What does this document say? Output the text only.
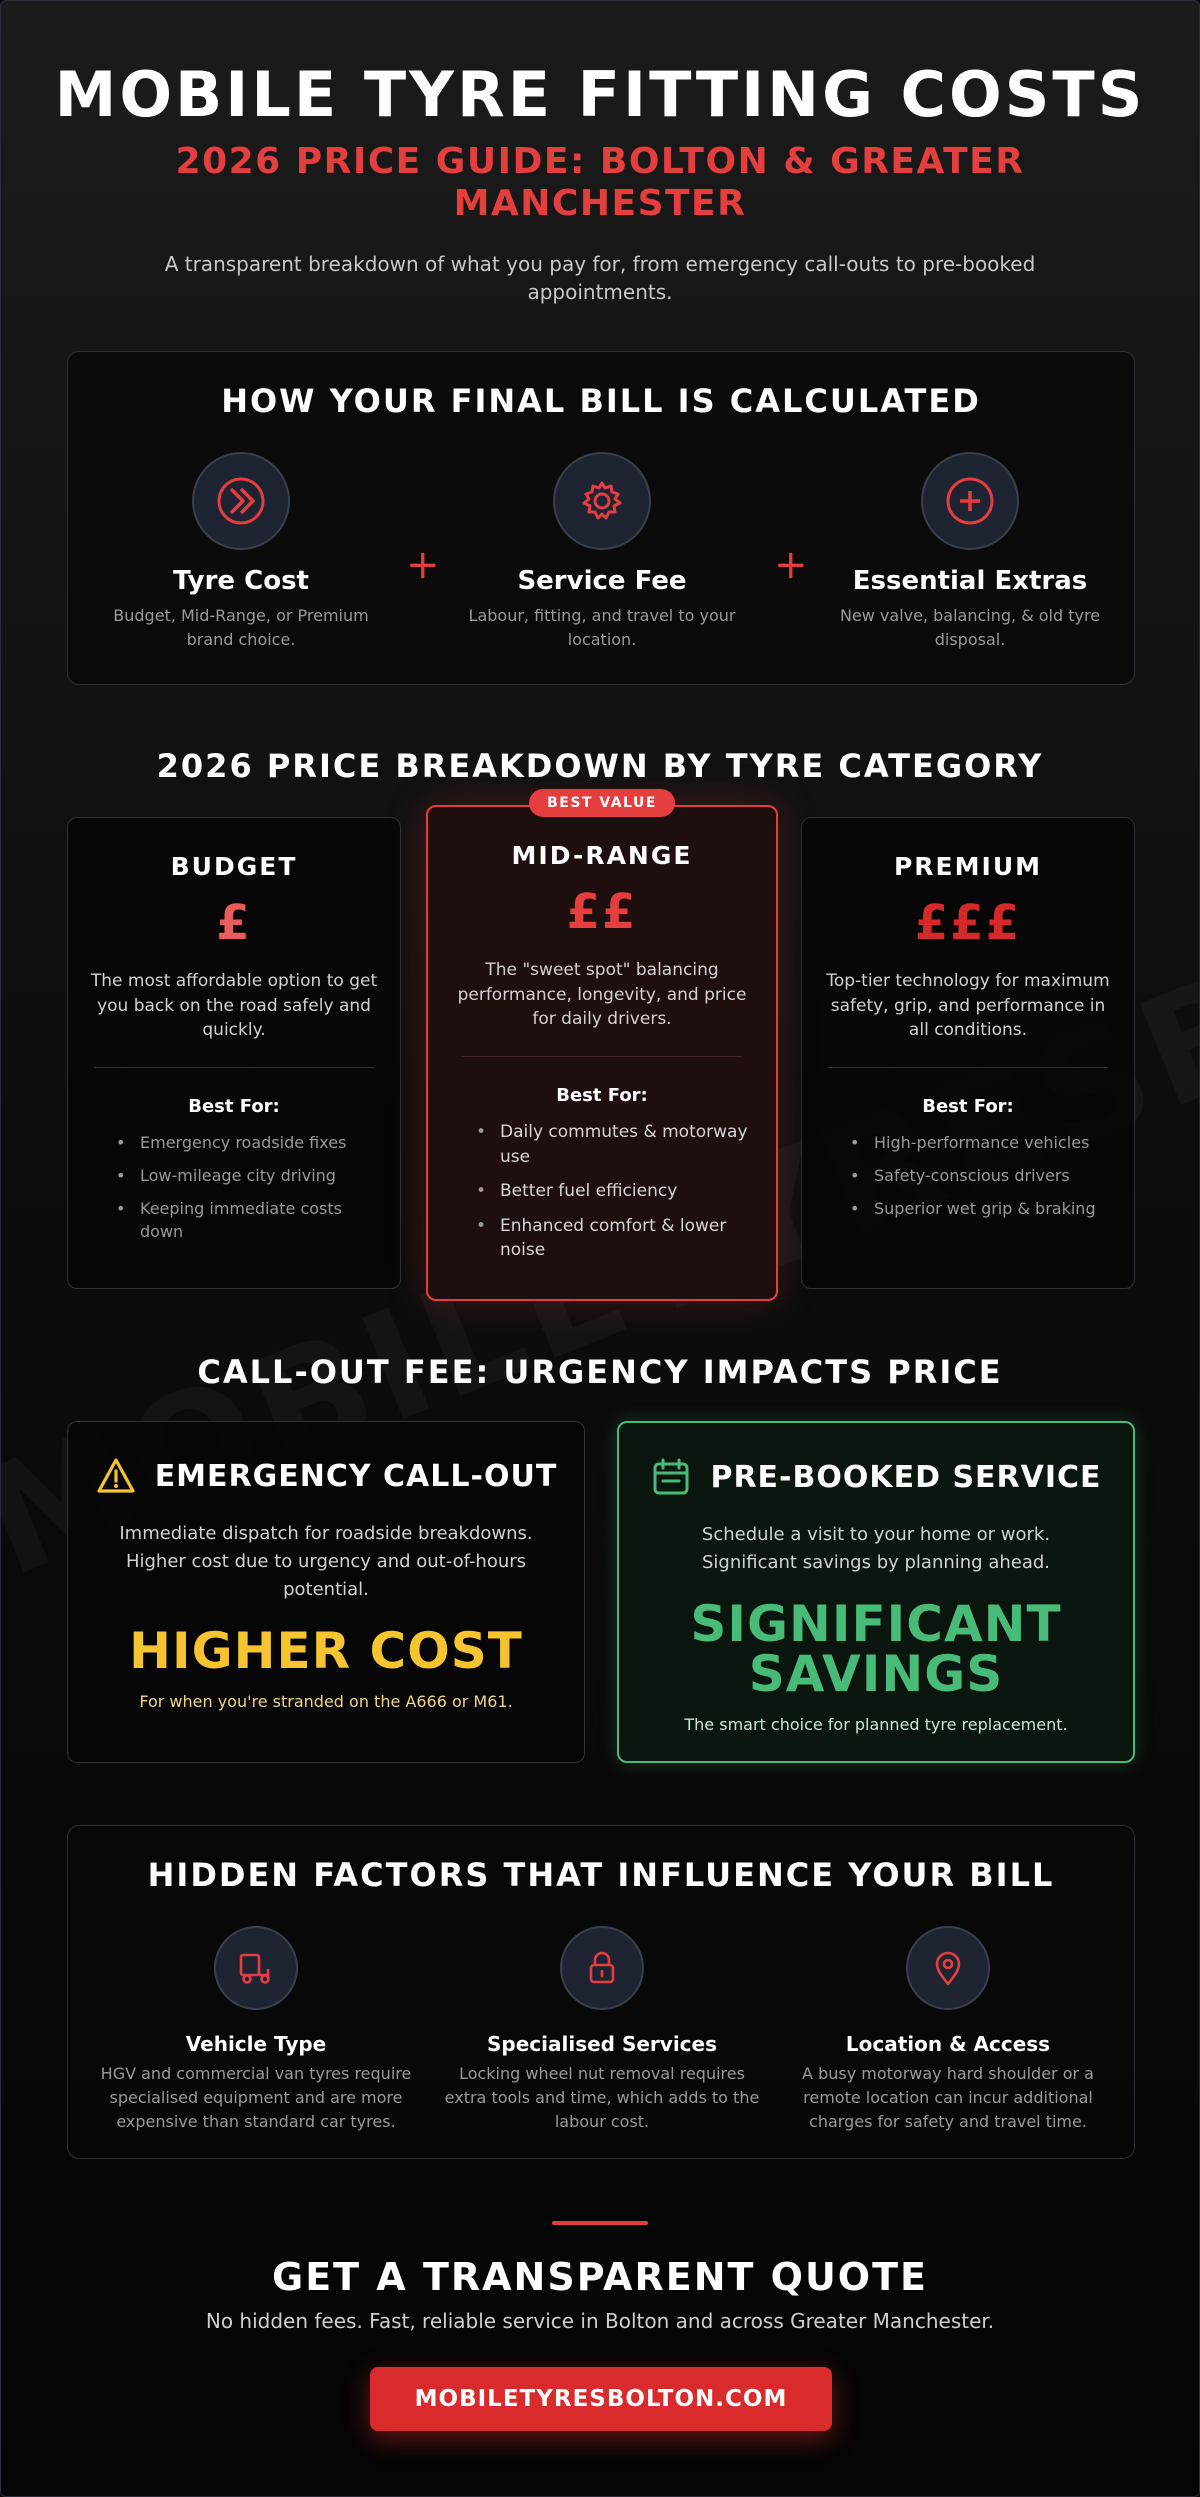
MOBILE TYRE FITTING COSTS
2026 PRICE GUIDE: BOLTON & GREATER MANCHESTER
A transparent breakdown of what you pay for, from emergency call-outs to pre-booked appointments.
HOW YOUR FINAL BILL IS CALCULATED
Tyre Cost
Budget, Mid-Range, or Premium brand choice.
+	Service Fee
Labour, fitting, and travel to your location.
+	Essential Extras
New valve, balancing, & old tyre disposal.
2026 PRICE BREAKDOWN BY TYRE CATEGORY
BUDGET
£
The most affordable option to get you back on the road safely and quickly.
Best For:
• Emergency roadside fixes
• Low-mileage city driving
• Keeping immediate costs down
BEST VALUE
MID-RANGE
££
The "sweet spot" balancing performance, longevity, and price for daily drivers.
Best For:
• Daily commutes & motorway use
• Better fuel efficiency
• Enhanced comfort & lower noise
PREMIUM
£££
Top-tier technology for maximum safety, grip, and performance in all conditions.
Best For:
• High-performance vehicles
• Safety-conscious drivers
• Superior wet grip & braking
CALL-OUT FEE: URGENCY IMPACTS PRICE
EMERGENCY CALL-OUT
Immediate dispatch for roadside breakdowns. Higher cost due to urgency and out-of-hours potential.
HIGHER COST
For when you're stranded on the A666 or M61.
PRE-BOOKED SERVICE
Schedule a visit to your home or work. Significant savings by planning ahead.
SIGNIFICANT
SAVINGS
The smart choice for planned tyre replacement.
HIDDEN FACTORS THAT INFLUENCE YOUR BILL
Vehicle Type
HGV and commercial van tyres require specialised equipment and are more expensive than standard car tyres.
Specialised Services
Locking wheel nut removal requires extra tools and time, which adds to the labour cost.
Location & Access
A busy motorway hard shoulder or a remote location can incur additional charges for safety and travel time.
GET A TRANSPARENT QUOTE
No hidden fees. Fast, reliable service in Bolton and across Greater Manchester.
MOBILETYRESBOLTON.COM
